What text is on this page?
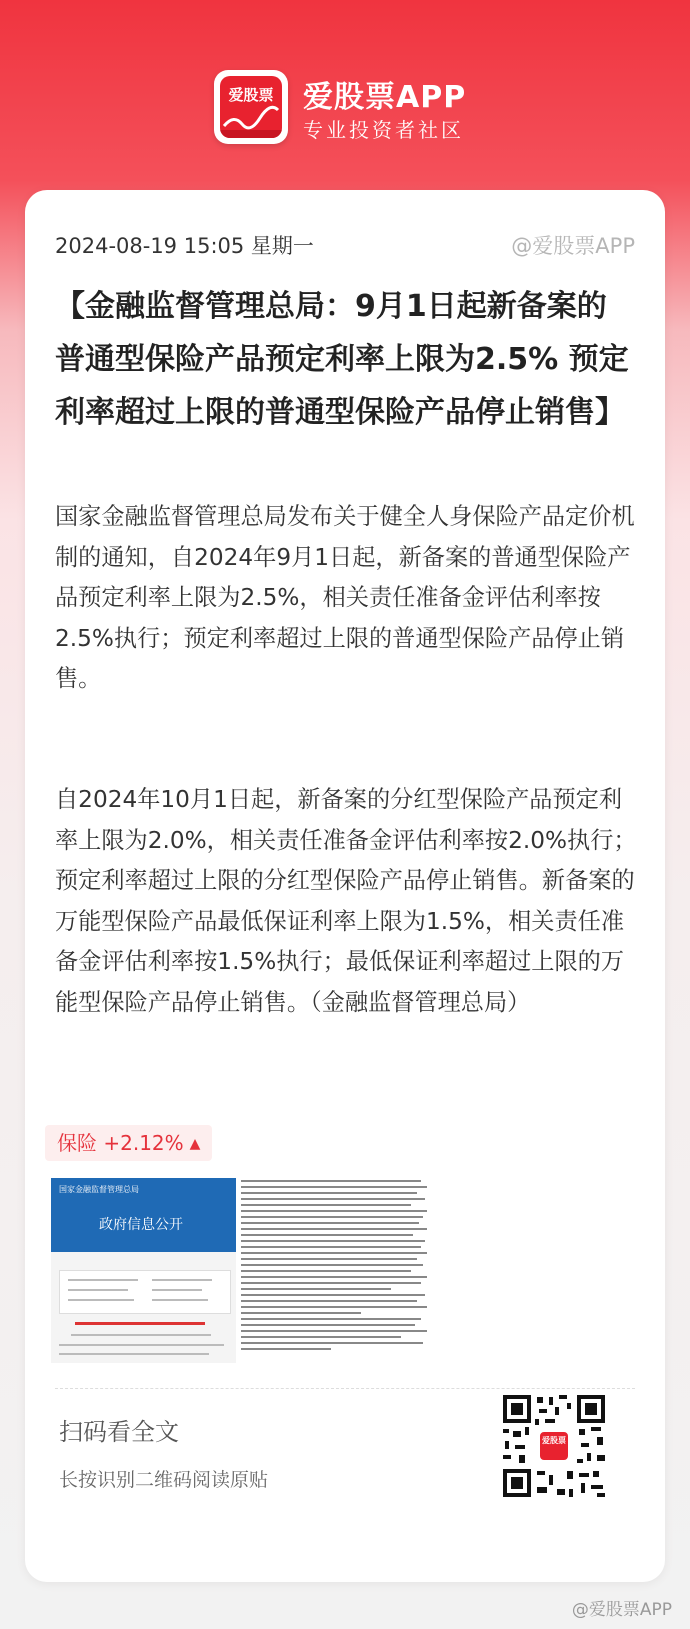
爱股票 爱股票APP
专业投资者社区
2024-08-19 15:05 星期一	@爱股票APP
【金融监督管理总局：9月1日起新备案的普通型保险产品预定利率上限为2.5% 预定利率超过上限的普通型保险产品停止销售】

国家金融监督管理总局发布关于健全人身保险产品定价机制的通知，自2024年9月1日起，新备案的普通型保险产品预定利率上限为2.5%，相关责任准备金评估利率按2.5%执行；预定利率超过上限的普通型保险产品停止销售。

自2024年10月1日起，新备案的分红型保险产品预定利率上限为2.0%，相关责任准备金评估利率按2.0%执行；预定利率超过上限的分红型保险产品停止销售。新备案的万能型保险产品最低保证利率上限为1.5%，相关责任准备金评估利率按1.5%执行；最低保证利率超过上限的万能型保险产品停止销售。（金融监督管理总局）

保险 +2.12% ▲
国家金融监督管理总局
政府信息公开
扫码看全文
长按识别二维码阅读原贴
爱股票
@爱股票APP
